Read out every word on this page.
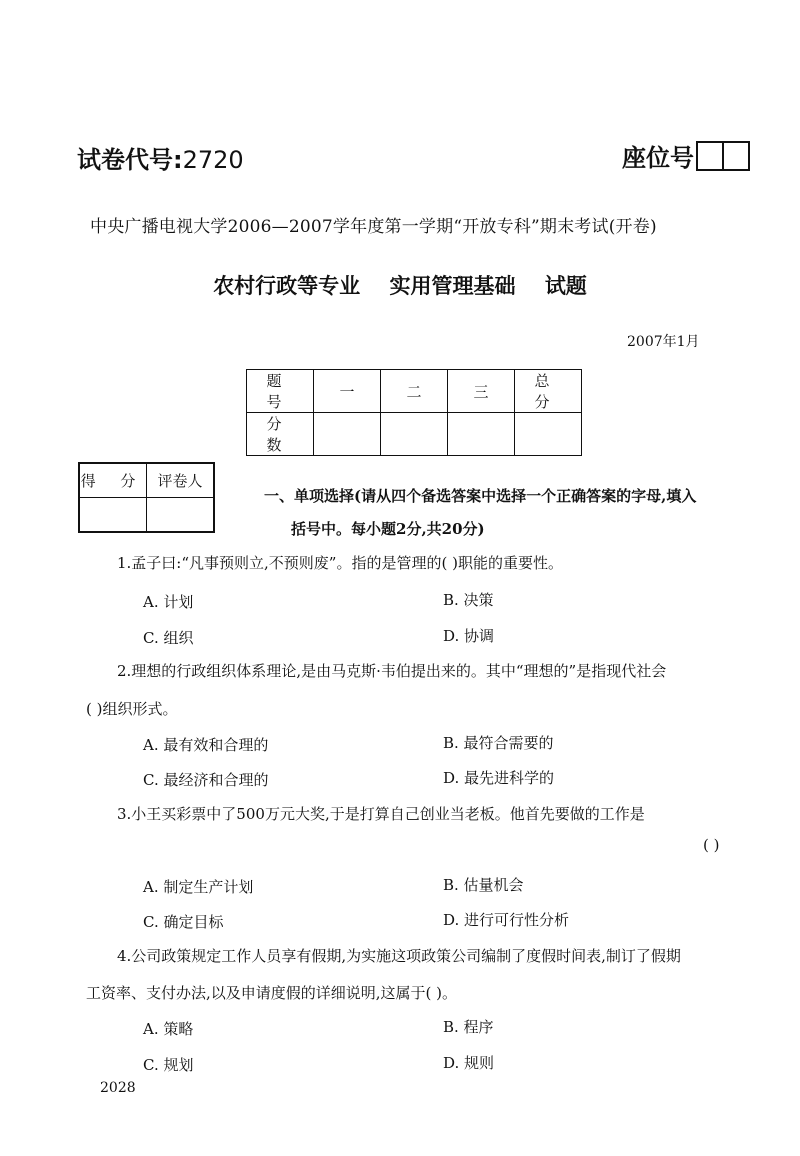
试卷代号:2720	座位号
中央广播电视大学2006—2007学年度第一学期“开放专科”期末考试(开卷)
农村行政等专业 实用管理基础 试题
2007年1月
题 号	一	二	三	总 分
分 数				
得 分	评卷人

一、单项选择(请从四个备选答案中选择一个正确答案的字母,填入
括号中。每小题2分,共20分)
1.孟子曰:“凡事预则立,不预则废”。指的是管理的( )职能的重要性。
A. 计划	B. 决策
C. 组织	D. 协调
2.理想的行政组织体系理论,是由马克斯·韦伯提出来的。其中“理想的”是指现代社会
( )组织形式。
A. 最有效和合理的	B. 最符合需要的
C. 最经济和合理的	D. 最先进科学的
3.小王买彩票中了500万元大奖,于是打算自己创业当老板。他首先要做的工作是
( )
A. 制定生产计划	B. 估量机会
C. 确定目标	D. 进行可行性分析
4.公司政策规定工作人员享有假期,为实施这项政策公司编制了度假时间表,制订了假期
工资率、支付办法,以及申请度假的详细说明,这属于( )。
A. 策略	B. 程序
C. 规划	D. 规则
2028
